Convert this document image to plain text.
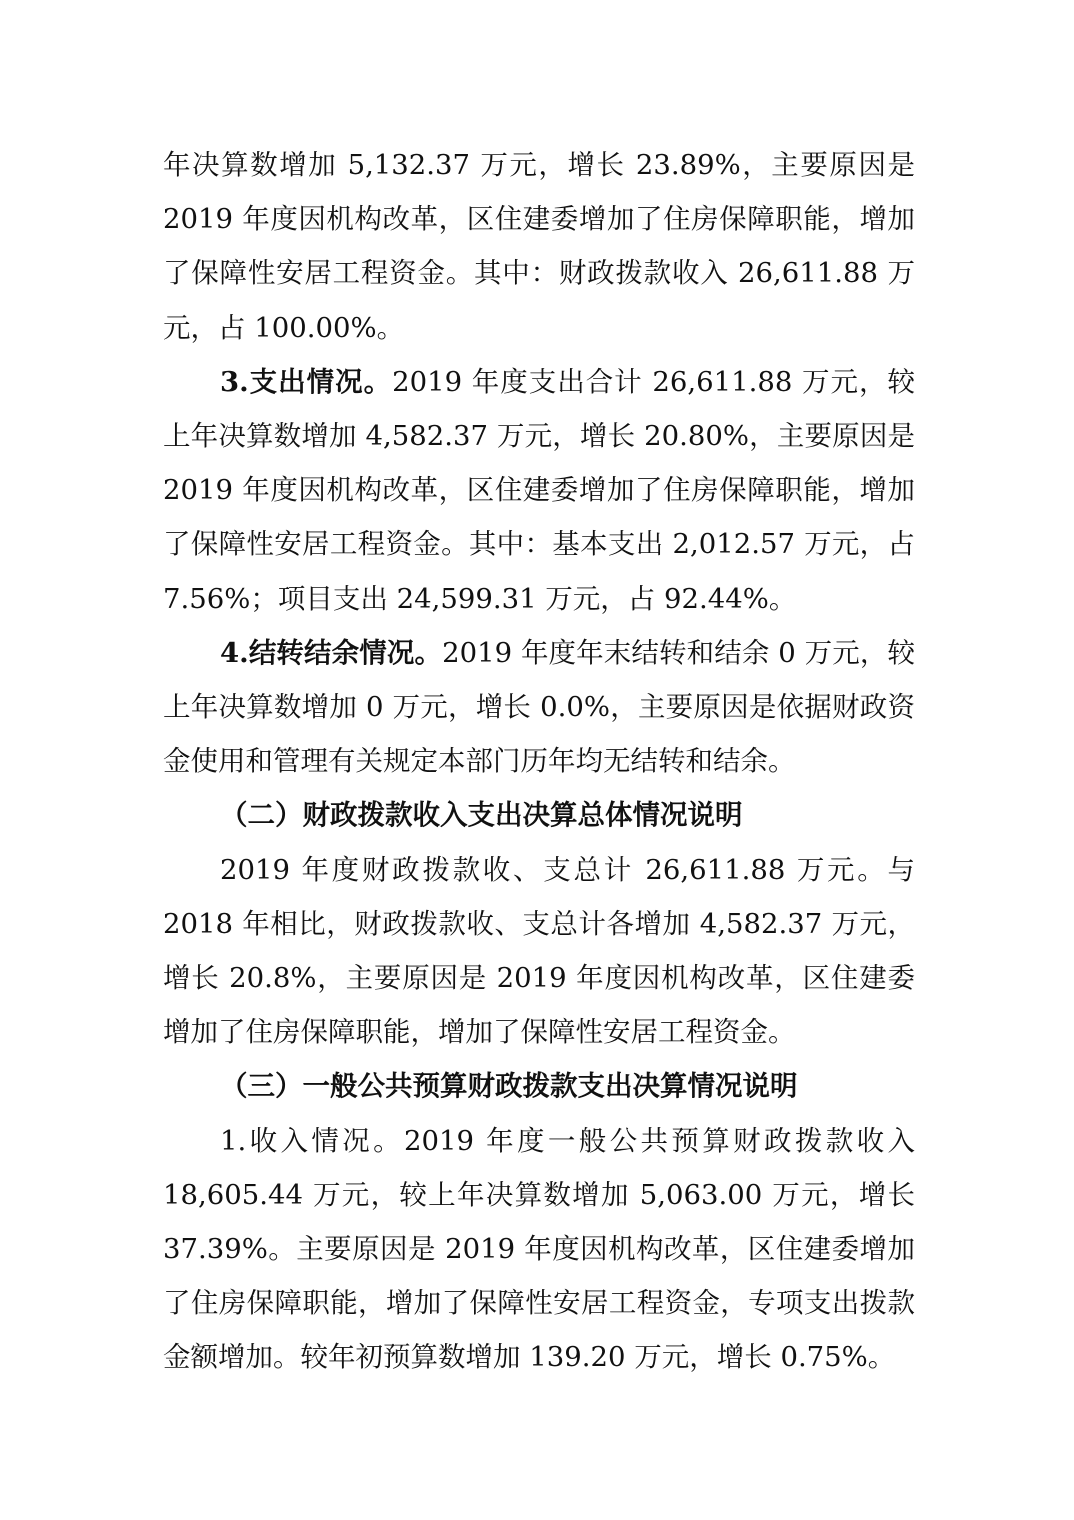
年决算数增加 5,132.37 万元，增长 23.89%，主要原因是 2019 年度因机构改革，区住建委增加了住房保障职能，增加了保障性安居工程资金。其中：财政拨款收入 26,611.88 万元，占 100.00%。

3.支出情况。2019 年度支出合计 26,611.88 万元，较上年决算数增加 4,582.37 万元，增长 20.80%，主要原因是 2019 年度因机构改革，区住建委增加了住房保障职能，增加了保障性安居工程资金。其中：基本支出 2,012.57 万元，占 7.56%；项目支出 24,599.31 万元，占 92.44%。

4.结转结余情况。2019 年度年末结转和结余 0 万元，较上年决算数增加 0 万元，增长 0.0%，主要原因是依据财政资金使用和管理有关规定本部门历年均无结转和结余。

（二）财政拨款收入支出决算总体情况说明

2019 年度财政拨款收、支总计 26,611.88 万元。与 2018 年相比，财政拨款收、支总计各增加 4,582.37 万元，增长 20.8%，主要原因是 2019 年度因机构改革，区住建委增加了住房保障职能，增加了保障性安居工程资金。

（三）一般公共预算财政拨款支出决算情况说明

1.收入情况。2019 年度一般公共预算财政拨款收入 18,605.44 万元，较上年决算数增加 5,063.00 万元，增长 37.39%。主要原因是 2019 年度因机构改革，区住建委增加了住房保障职能，增加了保障性安居工程资金，专项支出拨款金额增加。较年初预算数增加 139.20 万元，增长 0.75%。
